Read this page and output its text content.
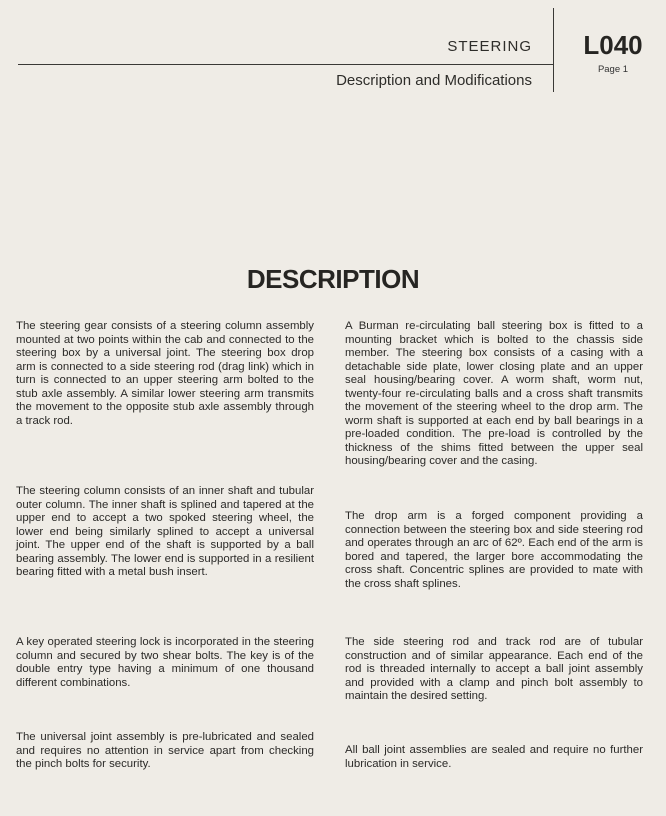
STEERING
Description and Modifications
L040
Page 1
DESCRIPTION

The steering gear consists of a steering column assembly mounted at two points within the cab and connected to the steering box by a universal joint. The steering box drop arm is connected to a side steering rod (drag link) which in turn is connected to an upper steering arm bolted to the stub axle assembly. A similar lower steering arm transmits the movement to the opposite stub axle assembly through a track rod.

The steering column consists of an inner shaft and tubular outer column. The inner shaft is splined and tapered at the upper end to accept a two spoked steering wheel, the lower end being similarly splined to accept a universal joint. The upper end of the shaft is supported by a ball bearing assembly. The lower end is supported in a resilient bearing fitted with a metal bush insert.

A key operated steering lock is incorporated in the steering column and secured by two shear bolts. The key is of the double entry type having a minimum of one thousand different combinations.

The universal joint assembly is pre-lubricated and sealed and requires no attention in service apart from checking the pinch bolts for security.

A Burman re-circulating ball steering box is fitted to a mounting bracket which is bolted to the chassis side member. The steering box consists of a casing with a detachable side plate, lower closing plate and an upper seal housing/bearing cover. A worm shaft, worm nut, twenty-four re-circulating balls and a cross shaft transmits the movement of the steering wheel to the drop arm. The worm shaft is supported at each end by ball bearings in a pre-loaded condition. The pre-load is controlled by the thickness of the shims fitted between the upper seal housing/bearing cover and the casing.

The drop arm is a forged component providing a connection between the steering box and side steering rod and operates through an arc of 62º. Each end of the arm is bored and tapered, the larger bore accommodating the cross shaft. Concentric splines are provided to mate with the cross shaft splines.

The side steering rod and track rod are of tubular construction and of similar appearance. Each end of the rod is threaded internally to accept a ball joint assembly and provided with a clamp and pinch bolt assembly to maintain the desired setting.

All ball joint assemblies are sealed and require no further lubrication in service.
